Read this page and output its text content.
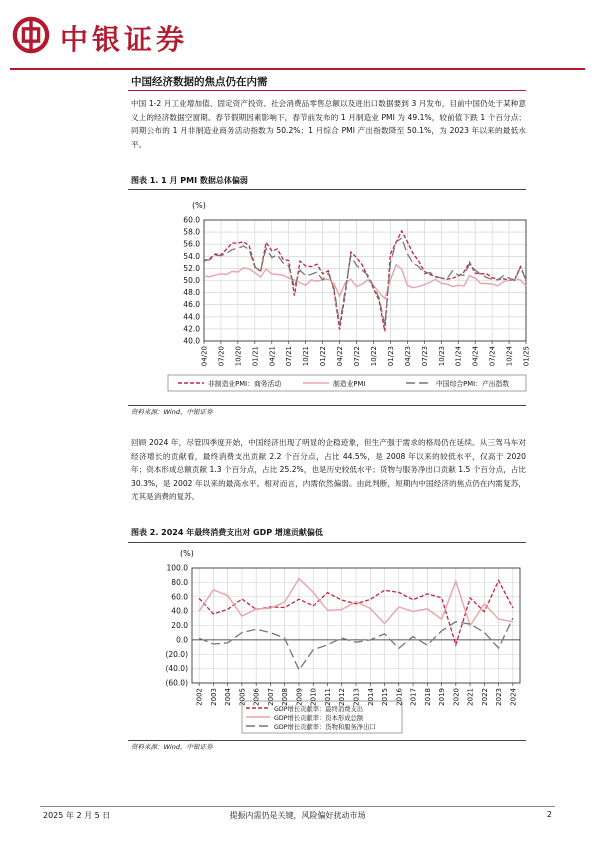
中银证券
中国经济数据的焦点仍在内需
中国 1-2 月工业增加值、固定资产投资、社会消费品零售总额以及进出口数据要到 3 月发布，目前中国仍处于某种意义上的经济数据空窗期。春节假期因素影响下，春节前发布的 1 月制造业 PMI 为 49.1%，较前值下跌 1 个百分点；同期公布的 1 月非制造业商务活动指数为 50.2%；1 月综合 PMI 产出指数降至 50.1%，为 2023 年以来的最低水平。
图表 1. 1 月 PMI 数据总体偏弱
(%)
60.0
58.0
56.0
54.0
52.0
50.0
48.0
46.0
44.0
42.0
40.0
04/20 07/20 10/20 01/21 04/21 07/21 10/21 01/22 04/22 07/22 10/22 01/23 04/23 07/23 10/23 01/24 04/24 07/24 10/24 01/25
非制造业PMI：商务活动	制造业PMI	中国综合PMI：产出指数
资料来源：Wind，中银证券
回顾 2024 年，尽管四季度开始，中国经济出现了明显的企稳迹象，但生产强于需求的格局仍在延续。从三驾马车对经济增长的贡献看，最终消费支出贡献 2.2 个百分点，占比 44.5%，是 2008 年以来的较低水平，仅高于 2020 年；资本形成总额贡献 1.3 个百分点，占比 25.2%，也是历史较低水平；货物与服务净出口贡献 1.5 个百分点，占比 30.3%，是 2002 年以来的最高水平。相对而言，内需依然偏弱。由此判断，短期内中国经济的焦点仍在内需复苏，尤其是消费的复苏。
图表 2. 2024 年最终消费支出对 GDP 增速贡献偏低
(%)
100.0
80.0
60.0
40.0
20.0
0.0
(20.0)
(40.0)
(60.0)
2002 2003 2004 2005 2006 2007 2008 2009 2010 2011 2012 2013 2014 2015 2016 2017 2018 2019 2020 2021 2022 2023 2024
GDP增长贡献率：最终消费支出
GDP增长贡献率：资本形成总额
GDP增长贡献率：货物和服务净出口
资料来源：Wind，中银证券
2025 年 2 月 5 日	提振内需仍是关键，风险偏好扰动市场	2
